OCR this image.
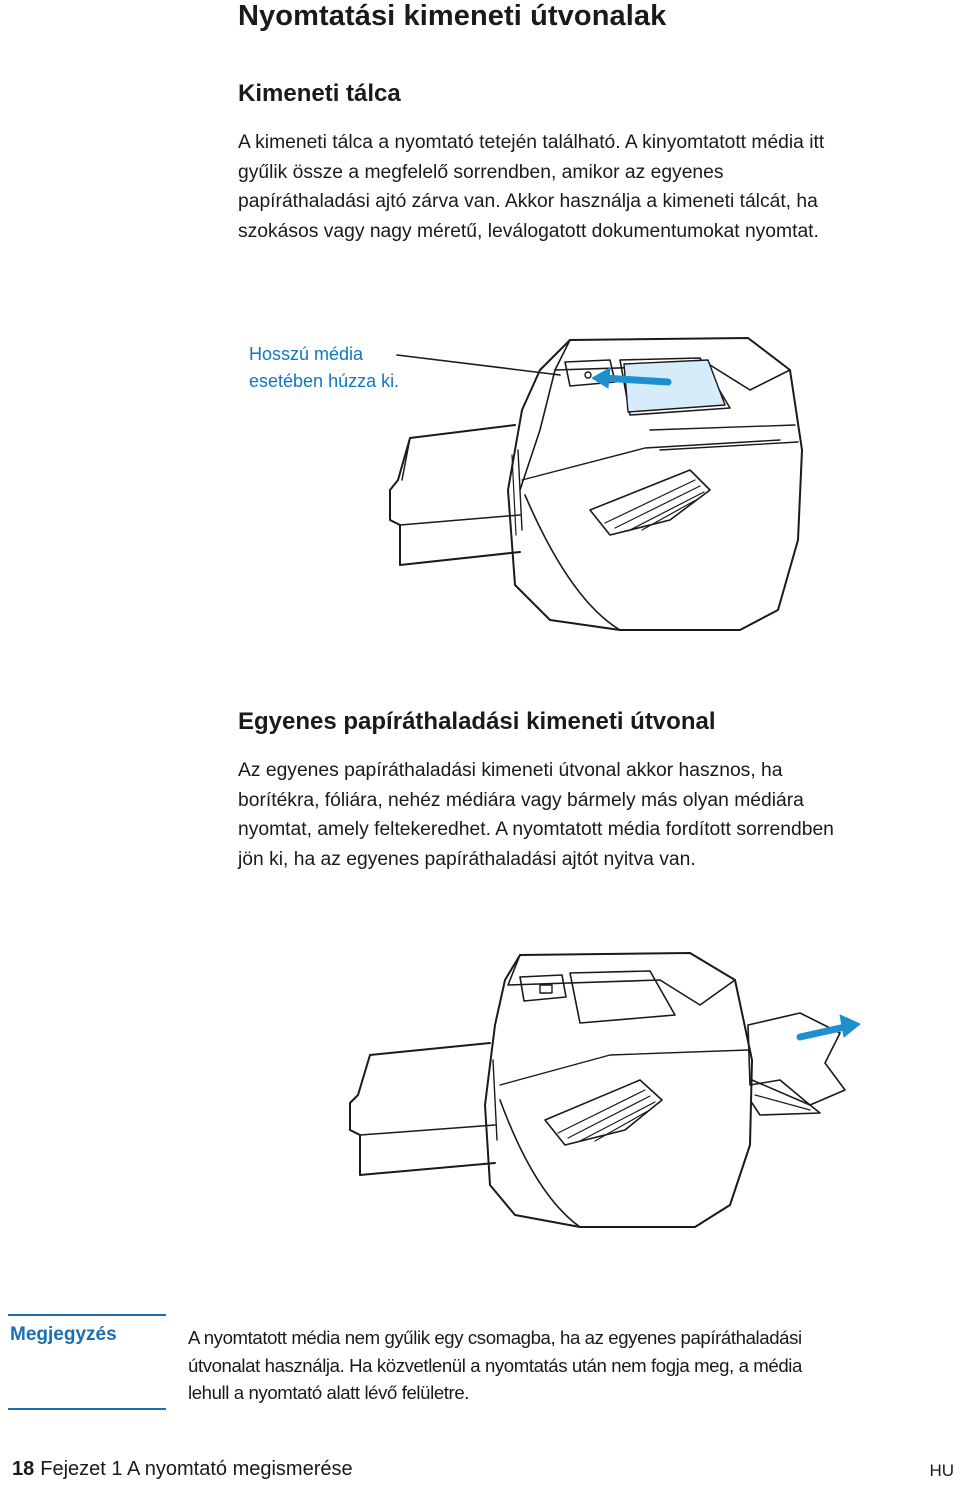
Nyomtatási kimeneti útvonalak
Kimeneti tálca

A kimeneti tálca a nyomtató tetején található. A kinyomtatott média itt
gyűlik össze a megfelelő sorrendben, amikor az egyenes
papíráthaladási ajtó zárva van. Akkor használja a kimeneti tálcát, ha
szokásos vagy nagy méretű, leválogatott dokumentumokat nyomtat.

Hosszú média
esetében húzza ki.
Egyenes papíráthaladási kimeneti útvonal

Az egyenes papíráthaladási kimeneti útvonal akkor hasznos, ha
borítékra, fóliára, nehéz médiára vagy bármely más olyan médiára
nyomtat, amely feltekeredhet. A nyomtatott média fordított sorrendben
jön ki, ha az egyenes papíráthaladási ajtót nyitva van.

Megjegyzés	A nyomtatott média nem gyűlik egy csomagba, ha az egyenes papíráthaladási
útvonalat használja. Ha közvetlenül a nyomtatás után nem fogja meg, a média
lehull a nyomtató alatt lévő felületre.
18 Fejezet 1 A nyomtató megismerése	HU
